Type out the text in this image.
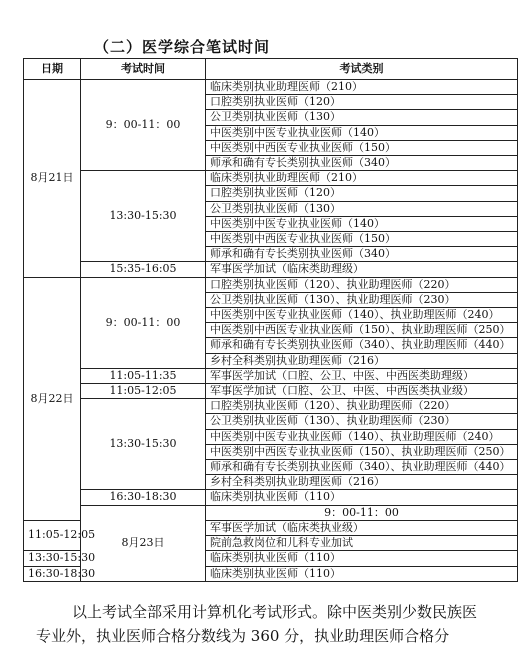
（二）医学综合笔试时间
日期	考试时间	考试类别	
8月21日	9：00-11：00	临床类别执业助理医师（210）	
		口腔类别执业医师（120）	
		公卫类别执业医师（130）	
		中医类别中医专业执业医师（140）	
		中医类别中西医专业执业医师（150）	
		师承和确有专长类别执业医师（340）	
	13:30-15:30	临床类别执业助理医师（210）	
		口腔类别执业医师（120）	
		公卫类别执业医师（130）	
		中医类别中医专业执业医师（140）	
		中医类别中西医专业执业医师（150）	
		师承和确有专长类别执业医师（340）	
	15:35-16:05	军事医学加试（临床类助理级）	
8月22日	9：00-11：00	口腔类别执业医师（120）、执业助理医师（220）	
		公卫类别执业医师（130）、执业助理医师（230）	
		中医类别中医专业执业医师（140）、执业助理医师（240）	
		中医类别中西医专业执业医师（150）、执业助理医师（250）	
		师承和确有专长类别执业医师（340）、执业助理医师（440）	
		乡村全科类别执业助理医师（216）	
	11:05-11:35	军事医学加试（口腔、公卫、中医、中西医类助理级）	
	11:05-12:05	军事医学加试（口腔、公卫、中医、中西医类执业级）	
	13:30-15:30	口腔类别执业医师（120）、执业助理医师（220）	
		公卫类别执业医师（130）、执业助理医师（230）	
		中医类别中医专业执业医师（140）、执业助理医师（240）	
		中医类别中西医专业执业医师（150）、执业助理医师（250）	
		师承和确有专长类别执业医师（340）、执业助理医师（440）	
		乡村全科类别执业助理医师（216）	
	16:30-18:30	临床类别执业医师（110）	
	8月23日	9：00-11：00	
11:05-12:05		军事医学加试（临床类执业级）	
		院前急救岗位和儿科专业加试	
13:30-15:30		临床类别执业医师（110）	
16:30-18:30		临床类别执业医师（110）	
以上考试全部采用计算机化考试形式。除中医类别少数民族医
专业外，执业医师合格分数线为 360 分，执业助理医师合格分
